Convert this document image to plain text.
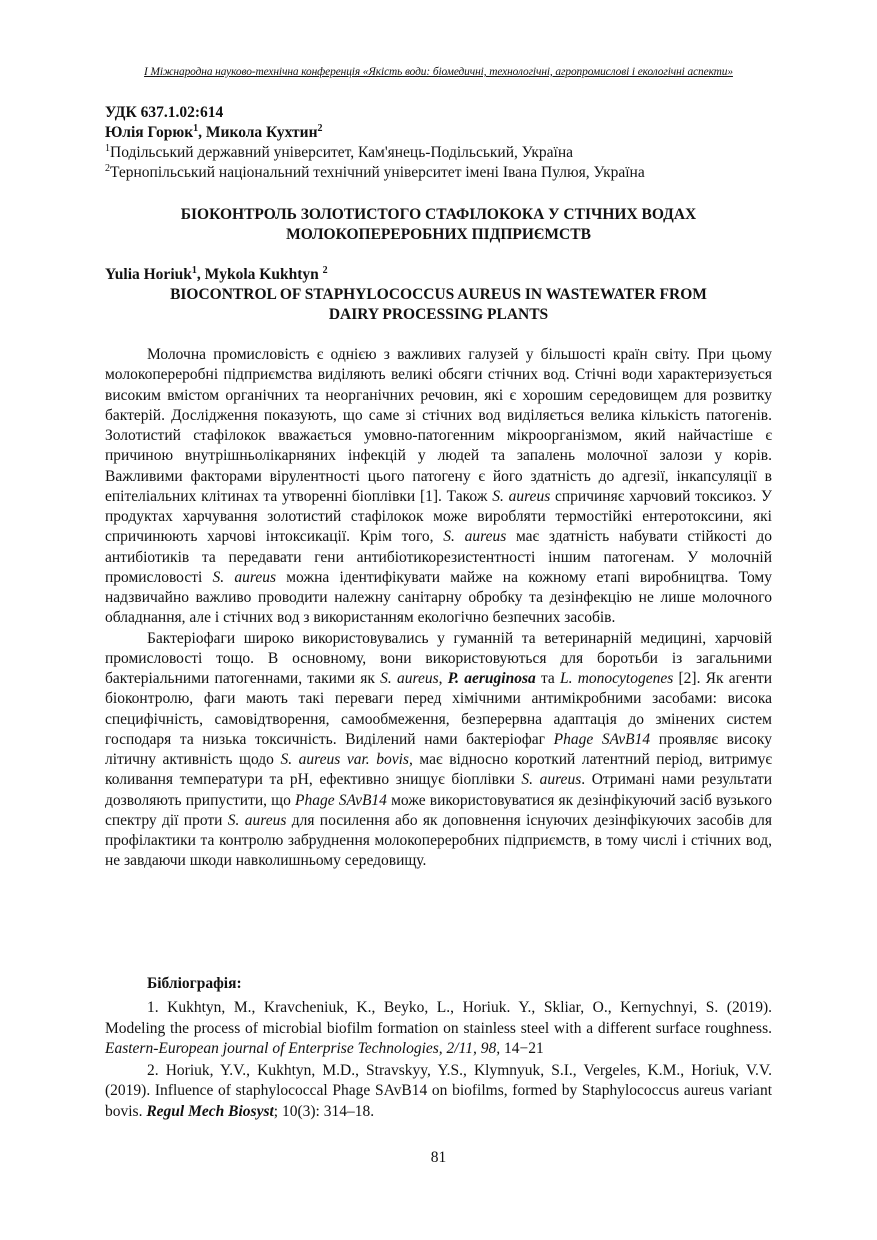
І Міжнародна науково-технічна конференція «Якість води: біомедичні, технологічні, агропромислові і екологічні аспекти»
УДК 637.1.02:614
Юлія Горюк$^1$, Микола Кухтин$^2$
$^1$Подільський державний університет, Кам'янець-Подільський, Україна
$^2$Тернопільський національний технічний університет імені Івана Пулюя, Україна
БІОКОНТРОЛЬ ЗОЛОТИСТОГО СТАФІЛОКОКА У СТІЧНИХ ВОДАХ
МОЛОКОПЕРЕРОБНИХ ПІДПРИЄМСТВ
Yulia Horiuk$^1$, Mykola Kukhtyn $^2$
BIOCONTROL OF STAPHYLOCOCCUS AUREUS IN WASTEWATER FROM
DAIRY PROCESSING PLANTS

Молочна промисловість є однією з важливих галузей у більшості країн світу. При цьому молокопереробні підприємства виділяють великі обсяги стічних вод. Стічні води характеризується високим вмістом органічних та неорганічних речовин, які є хорошим середовищем для розвитку бактерій. Дослідження показують, що саме зі стічних вод виділяється велика кількість патогенів. Золотистий стафілокок вважається умовно-патогенним мікроорганізмом, який найчастіше є причиною внутрішньолікарняних інфекцій у людей та запалень молочної залози у корів. Важливими факторами вірулентності цього патогену є його здатність до адгезії, інкапсуляції в епітеліальних клітинах та утворенні біоплівки [1]. Також S. aureus спричиняє харчовий токсикоз. У продуктах харчування золотистий стафілокок може виробляти термостійкі ентеротоксини, які спричинюють харчові інтоксикації. Крім того, S. aureus має здатність набувати стійкості до антибіотиків та передавати гени антибіотикорезистентності іншим патогенам. У молочній промисловості S. aureus можна ідентифікувати майже на кожному етапі виробництва. Тому надзвичайно важливо проводити належну санітарну обробку та дезінфекцію не лише молочного обладнання, але і стічних вод з використанням екологічно безпечних засобів.

Бактеріофаги широко використовувались у гуманній та ветеринарній медицині, харчовій промисловості тощо. В основному, вони використовуються для боротьби із загальними бактеріальними патогеннами, такими як S. aureus, P. aeruginosa та L. monocytogenes [2]. Як агенти біоконтролю, фаги мають такі переваги перед хімічними антимікробними засобами: висока специфічність, самовідтворення, самообмеження, безперервна адаптація до змінених систем господаря та низька токсичність. Виділений нами бактеріофаг Phage SAvB14 проявляє високу літичну активність щодо S. aureus var. bovis, має відносно короткий латентний період, витримує коливання температури та pH, ефективно знищує біоплівки S. aureus. Отримані нами результати дозволяють припустити, що Phage SAvB14 може використовуватися як дезінфікуючий засіб вузького спектру дії проти S. aureus для посилення або як доповнення існуючих дезінфікуючих засобів для профілактики та контролю забруднення молокопереробних підприємств, в тому числі і стічних вод, не завдаючи шкоди навколишньому середовищу.

Бібліографія:

1. Kukhtyn, M., Kravcheniuk, K., Beyko, L., Horiuk. Y., Skliar, O., Kernychnyi, S. (2019). Modeling the process of microbial biofilm formation on stainless steel with a different surface roughness. Eastern-European journal of Enterprise Technologies, 2/11, 98, 14−21

2. Horiuk, Y.V., Kukhtyn, M.D., Stravskyy, Y.S., Klymnyuk, S.I., Vergeles, K.M., Horiuk, V.V. (2019). Influence of staphylococcal Phage SAvB14 on biofilms, formed by Staphylococcus aureus variant bovis. Regul Mech Biosyst; 10(3): 314–18.

81
